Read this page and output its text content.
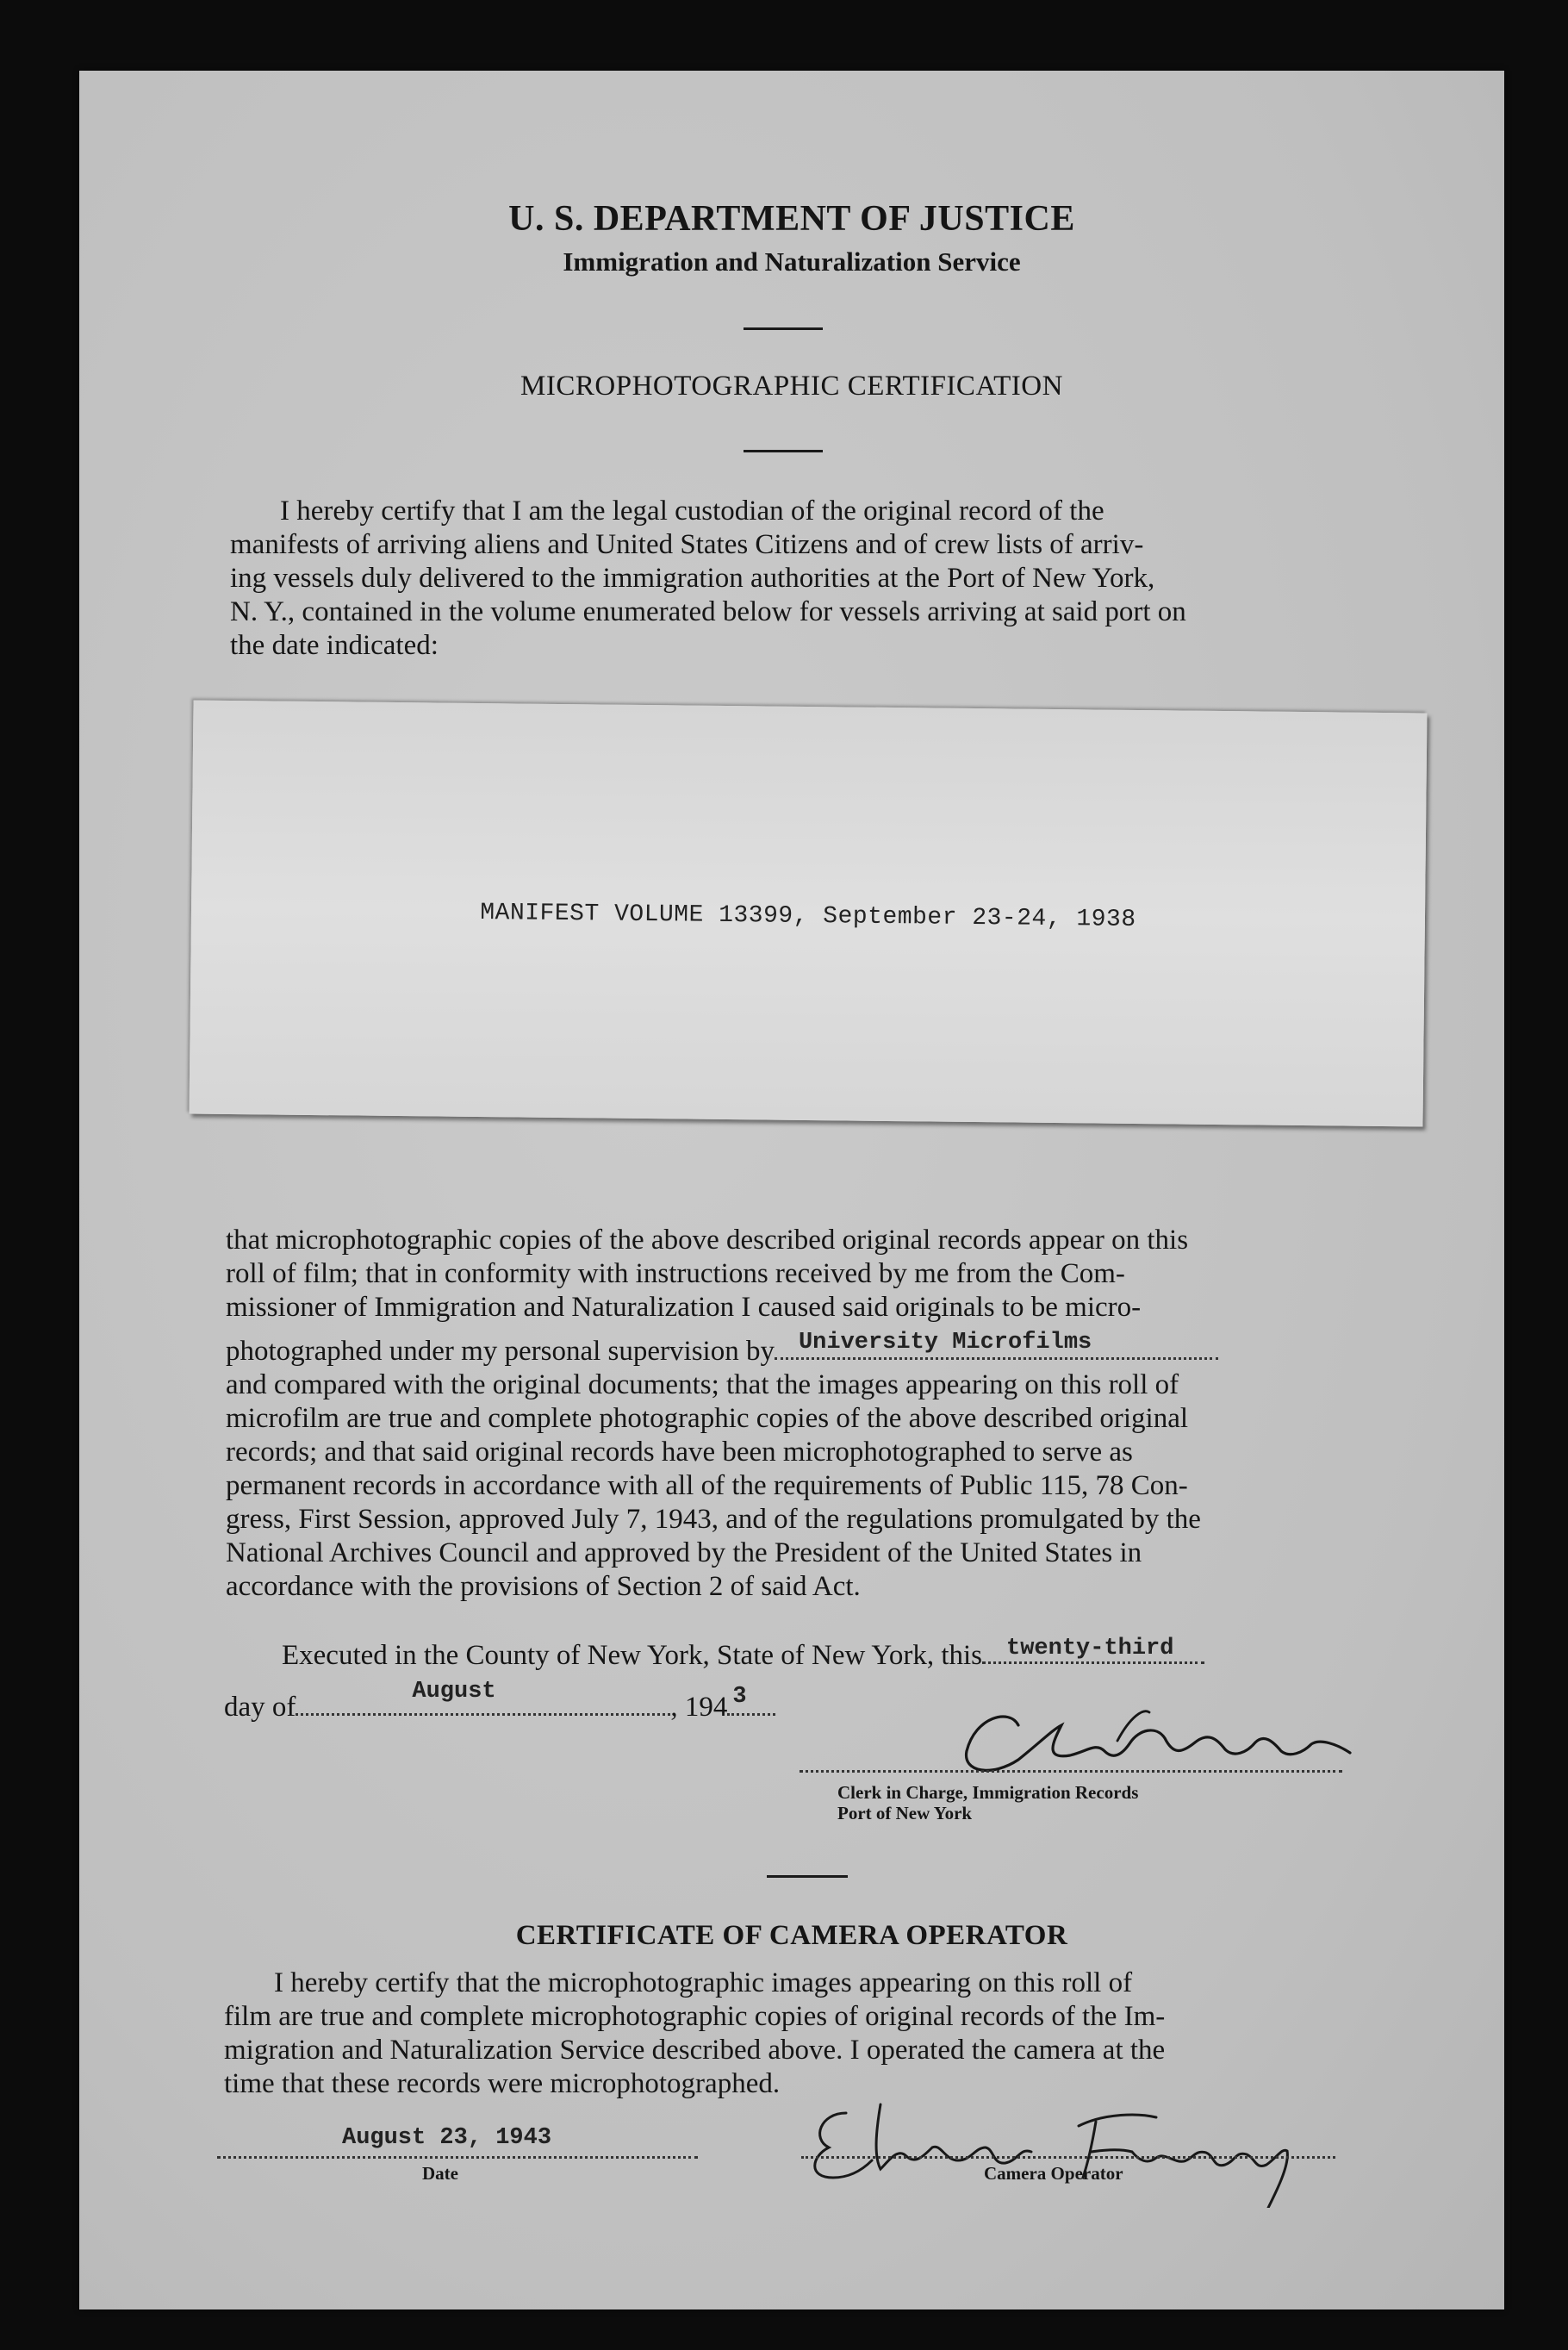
U. S. DEPARTMENT OF JUSTICE
Immigration and Naturalization Service
MICROPHOTOGRAPHIC CERTIFICATION

I hereby certify that I am the legal custodian of the original record of the

manifests of arriving aliens and United States Citizens and of crew lists of arriv-

ing vessels duly delivered to the immigration authorities at the Port of New York,

N. Y., contained in the volume enumerated below for vessels arriving at said port on

the date indicated:

MANIFEST VOLUME 13399, September 23-24, 1938

that microphotographic copies of the above described original records appear on this

roll of film; that in conformity with instructions received by me from the Com-

missioner of Immigration and Naturalization I caused said originals to be micro-

photographed under my personal supervision by University Microfilms

and compared with the original documents; that the images appearing on this roll of

microfilm are true and complete photographic copies of the above described original

records; and that said original records have been microphotographed to serve as

permanent records in accordance with all of the requirements of Public 115, 78 Con-

gress, First Session, approved July 7, 1943, and of the regulations promulgated by the

National Archives Council and approved by the President of the United States in

accordance with the provisions of Section 2 of said Act.

Executed in the County of New York, State of New York, this twenty-third
day of	August	, 194 3
Clerk in Charge, Immigration Records
Port of New York
CERTIFICATE OF CAMERA OPERATOR

I hereby certify that the microphotographic images appearing on this roll of

film are true and complete microphotographic copies of original records of the Im-

migration and Naturalization Service described above. I operated the camera at the

time that these records were microphotographed.

August 23, 1943
Date	Camera Operator
